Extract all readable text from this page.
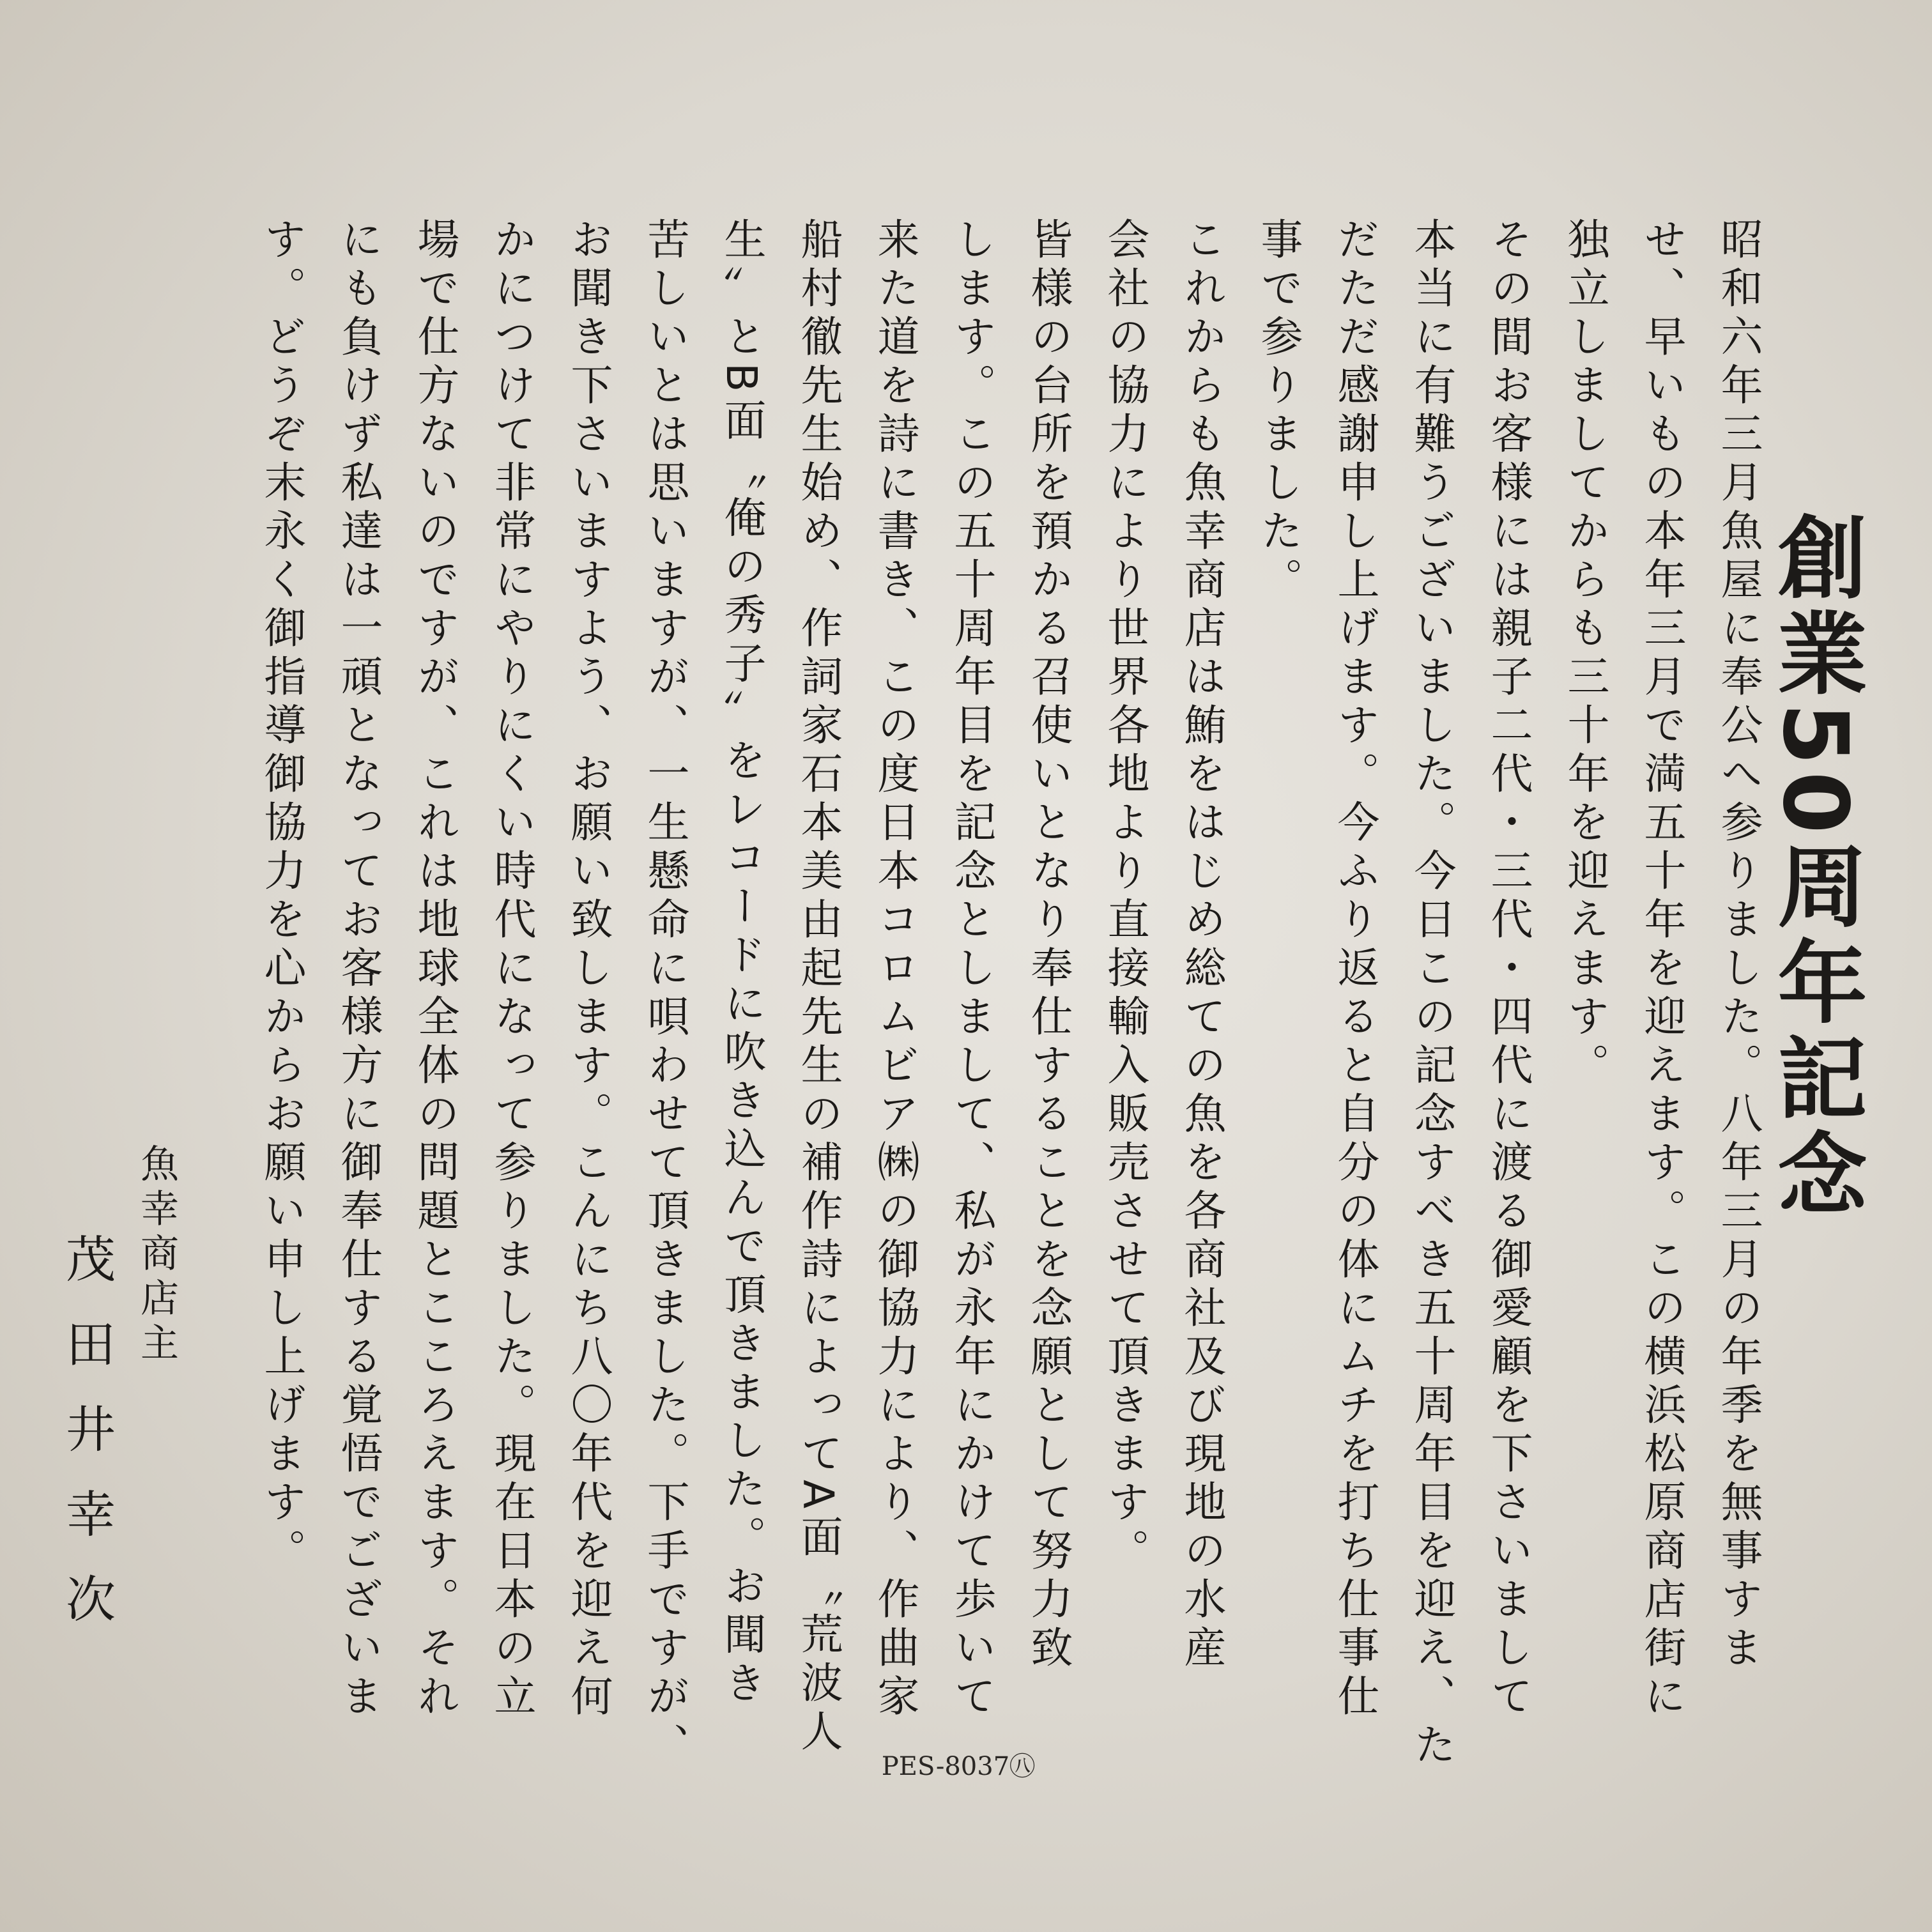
創業50周年記念
昭和六年三月魚屋に奉公へ参りました。八年三月の年季を無事すま
せ、早いもの本年三月で満五十年を迎えます。この横浜松原商店街に
独立しましてからも三十年を迎えます。
その間お客様には親子二代・三代・四代に渡る御愛顧を下さいまして
本当に有難うございました。今日この記念すべき五十周年目を迎え、た
だただ感謝申し上げます。今ふり返ると自分の体にムチを打ち仕事仕
事で参りました。
これからも魚幸商店は鮪をはじめ総ての魚を各商社及び現地の水産
会社の協力により世界各地より直接輸入販売させて頂きます。
皆様の台所を預かる召使いとなり奉仕することを念願として努力致
します。この五十周年目を記念としまして、私が永年にかけて歩いて
来た道を詩に書き、この度日本コロムビア㈱の御協力により、作曲家
船村徹先生始め、作詞家石本美由起先生の補作詩によってA面〝荒波人
生〟とB面〝俺の秀子〟をレコードに吹き込んで頂きました。お聞き
苦しいとは思いますが、一生懸命に唄わせて頂きました。下手ですが、
お聞き下さいますよう、お願い致します。こんにち八〇年代を迎え何
かにつけて非常にやりにくい時代になって参りました。現在日本の立
場で仕方ないのですが、これは地球全体の問題とこころえます。それ
にも負けず私達は一頑となってお客様方に御奉仕する覚悟でございま
す。どうぞ末永く御指導御協力を心からお願い申し上げます。
魚幸商店主
茂田井幸次
PES-8037㊇
